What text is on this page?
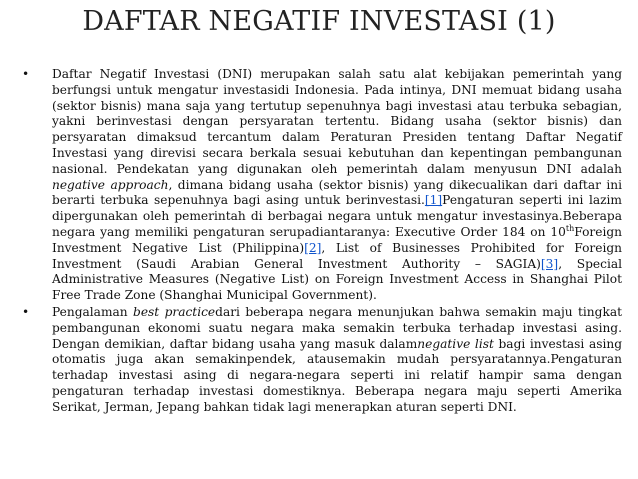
DAFTAR NEGATIF INVESTASI (1)
• Daftar Negatif Investasi (DNI) merupakan salah satu alat kebijakan pemerintah yang berfungsi untuk mengatur investasidi Indonesia. Pada intinya, DNI memuat bidang usaha (sektor bisnis) mana saja yang tertutup sepenuhnya bagi investasi atau terbuka sebagian, yakni berinvestasi dengan persyaratan tertentu. Bidang usaha (sektor bisnis) dan persyaratan dimaksud tercantum dalam Peraturan Presiden tentang Daftar Negatif Investasi yang direvisi secara berkala sesuai kebutuhan dan kepentingan pembangunan nasional. Pendekatan yang digunakan oleh pemerintah dalam menyusun DNI adalah negative approach, dimana bidang usaha (sektor bisnis) yang dikecualikan dari daftar ini berarti terbuka sepenuhnya bagi asing untuk berinvestasi.[1]Pengaturan seperti ini lazim dipergunakan oleh pemerintah di berbagai negara untuk mengatur investasinya.Beberapa negara yang memiliki pengaturan serupadiantaranya: Executive Order 184 on 10thForeign Investment Negative List (Philippina)[2], List of Businesses Prohibited for Foreign Investment (Saudi Arabian General Investment Authority – SAGIA)[3], Special Administrative Measures (Negative List) on Foreign Investment Access in Shanghai Pilot Free Trade Zone (Shanghai Municipal Government).
• Pengalaman best practicedari beberapa negara menunjukan bahwa semakin maju tingkat pembangunan ekonomi suatu negara maka semakin terbuka terhadap investasi asing. Dengan demikian, daftar bidang usaha yang masuk dalamnegative list bagi investasi asing otomatis juga akan semakinpendek, atausemakin mudah persyaratannya.Pengaturan terhadap investasi asing di negara-negara seperti ini relatif hampir sama dengan pengaturan terhadap investasi domestiknya. Beberapa negara maju seperti Amerika Serikat, Jerman, Jepang bahkan tidak lagi menerapkan aturan seperti DNI.
